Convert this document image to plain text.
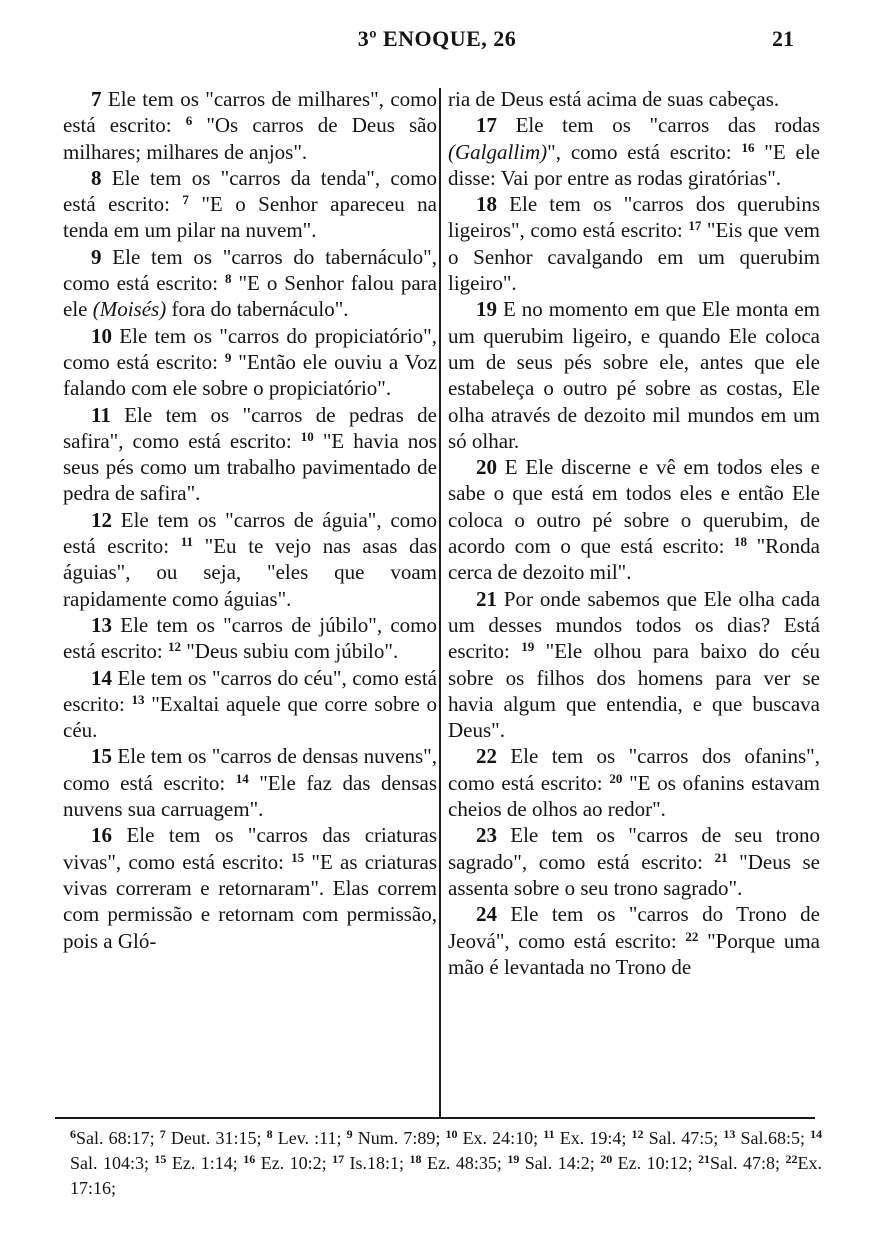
3º ENOQUE, 26	21

7 Ele tem os "carros de milhares", como está escrito: $^6$ "Os carros de Deus são milhares; milhares de anjos".

8 Ele tem os "carros da tenda", como está escrito: $^7$ "E o Senhor apareceu na tenda em um pilar na nuvem".

9 Ele tem os "carros do tabernáculo", como está escrito: $^8$ "E o Senhor falou para ele (Moisés) fora do tabernáculo".

10 Ele tem os "carros do propiciatório", como está escrito: $^9$ "Então ele ouviu a Voz falando com ele sobre o propiciatório".

11 Ele tem os "carros de pedras de safira", como está escrito: $^{10}$ "E havia nos seus pés como um trabalho pavimentado de pedra de safira".

12 Ele tem os "carros de águia", como está escrito: $^{11}$ "Eu te vejo nas asas das águias", ou seja, "eles que voam rapidamente como águias".

13 Ele tem os "carros de júbilo", como está escrito: $^{12}$ "Deus subiu com júbilo".

14 Ele tem os "carros do céu", como está escrito: $^{13}$ "Exaltai aquele que corre sobre o céu.

15 Ele tem os "carros de densas nuvens", como está escrito: $^{14}$ "Ele faz das densas nuvens sua carruagem".

16 Ele tem os "carros das criaturas vivas", como está escrito: $^{15}$ "E as criaturas vivas correram e retornaram". Elas correm com permissão e retornam com permissão, pois a Gló-

ria de Deus está acima de suas cabeças.

17 Ele tem os "carros das rodas (Galgallim)", como está escrito: $^{16}$ "E ele disse: Vai por entre as rodas giratórias".

18 Ele tem os "carros dos querubins ligeiros", como está escrito: $^{17}$ "Eis que vem o Senhor cavalgando em um querubim ligeiro".

19 E no momento em que Ele monta em um querubim ligeiro, e quando Ele coloca um de seus pés sobre ele, antes que ele estabeleça o outro pé sobre as costas, Ele olha através de dezoito mil mundos em um só olhar.

20 E Ele discerne e vê em todos eles e sabe o que está em todos eles e então Ele coloca o outro pé sobre o querubim, de acordo com o que está escrito: $^{18}$ "Ronda cerca de dezoito mil".

21 Por onde sabemos que Ele olha cada um desses mundos todos os dias? Está escrito: $^{19}$ "Ele olhou para baixo do céu sobre os filhos dos homens para ver se havia algum que entendia, e que buscava Deus".

22 Ele tem os "carros dos ofanins", como está escrito: $^{20}$ "E os ofanins estavam cheios de olhos ao redor".

23 Ele tem os "carros de seu trono sagrado", como está escrito: $^{21}$ "Deus se assenta sobre o seu trono sagrado".

24 Ele tem os "carros do Trono de Jeová", como está escrito: $^{22}$ "Porque uma mão é levantada no Trono de

$^6$Sal. 68:17; $^7$ Deut. 31:15; $^8$ Lev. :11; $^9$ Num. 7:89; $^{10}$ Ex. 24:10; $^{11}$ Ex. 19:4; $^{12}$ Sal. 47:5; $^{13}$ Sal.68:5; $^{14}$ Sal. 104:3; $^{15}$ Ez. 1:14; $^{16}$ Ez. 10:2; $^{17}$ Is.18:1; $^{18}$ Ez. 48:35; $^{19}$ Sal. 14:2; $^{20}$ Ez. 10:12; $^{21}$Sal. 47:8; $^{22}$Ex. 17:16;
